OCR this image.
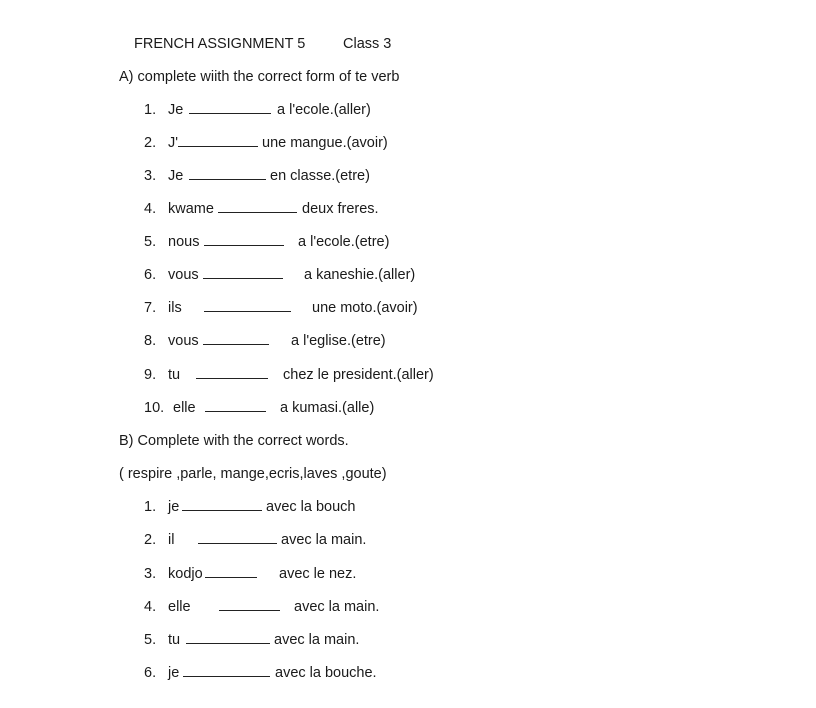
FRENCH ASSIGNMENT 5	Class 3
A) complete wiith the correct form of te verb
1. Je	a l'ecole.(aller)
2. J'	une mangue.(avoir)
3. Je	en classe.(etre)
4. kwame	deux freres.
5. nous	a l'ecole.(etre)
6. vous	a kaneshie.(aller)
7. ils	une moto.(avoir)
8. vous	a l'eglise.(etre)
9. tu	chez le president.(aller)
10. elle	a kumasi.(alle)
B) Complete with the correct words.
( respire ,parle, mange,ecris,laves ,goute)
1. je	avec la bouch
2. il	avec la main.
3. kodjo	avec le nez.
4. elle	avec la main.
5. tu	avec la main.
6. je	avec la bouche.
